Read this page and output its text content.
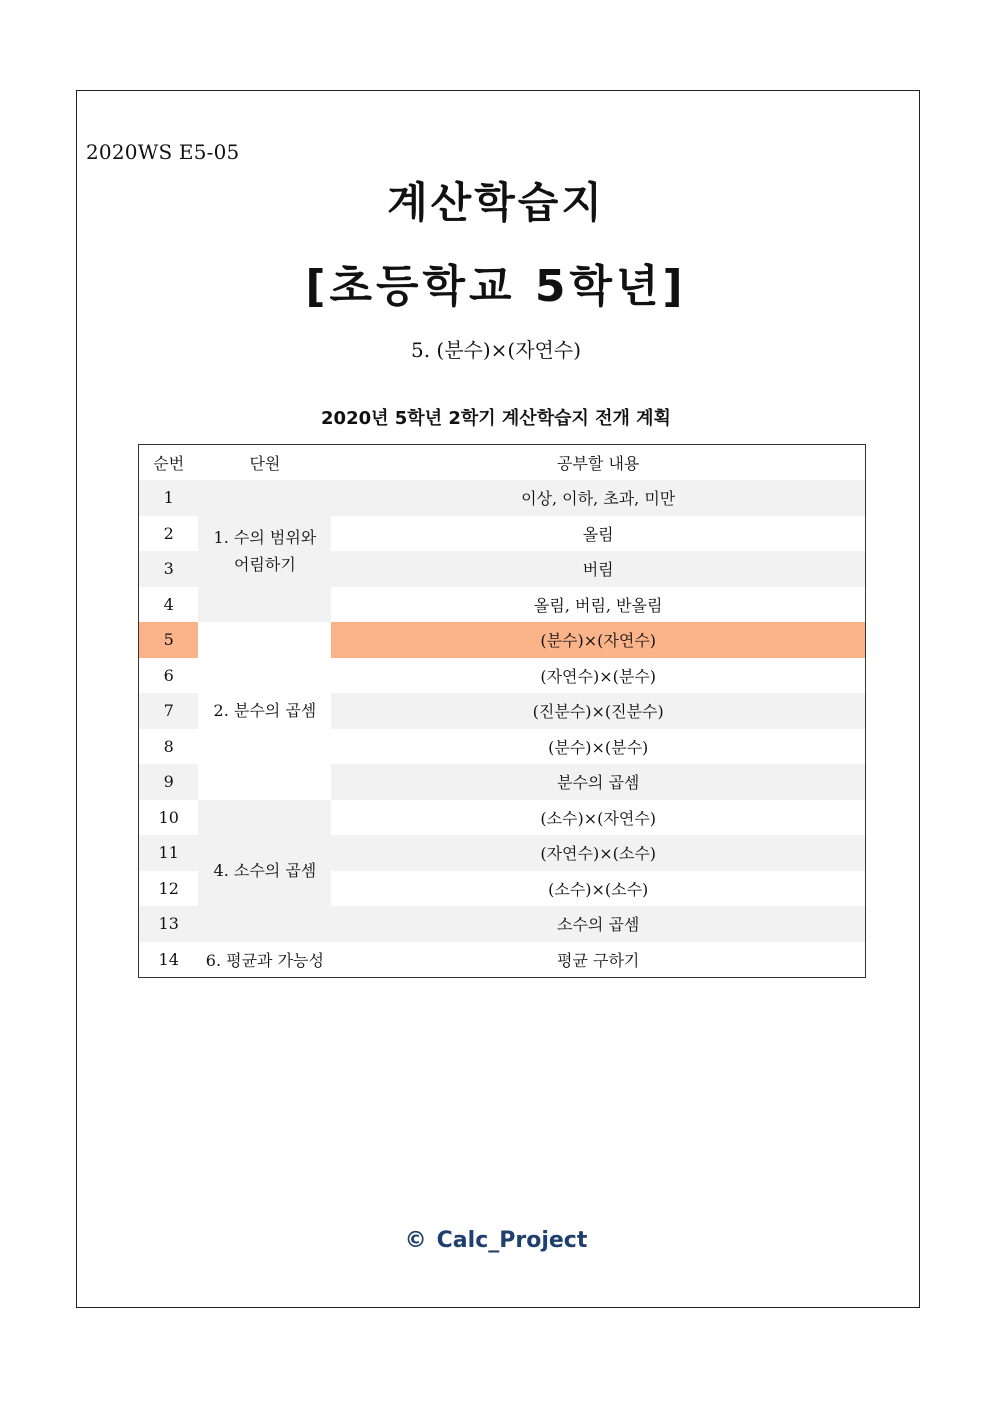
2020WS E5-05
계산학습지
[초등학교 5학년]
5. (분수)×(자연수)
2020년 5학년 2학기 계산학습지 전개 계획
순번	단원	공부할 내용
1	1. 수의 범위와 어림하기	이상, 이하, 초과, 미만
2		올림
3		버림
4		올림, 버림, 반올림
5	2. 분수의 곱셈	(분수)×(자연수)
6		(자연수)×(분수)
7		(진분수)×(진분수)
8		(분수)×(분수)
9		분수의 곱셈
10	4. 소수의 곱셈	(소수)×(자연수)
11		(자연수)×(소수)
12		(소수)×(소수)
13		소수의 곱셈
14	6. 평균과 가능성	평균 구하기
© Calc_Project
